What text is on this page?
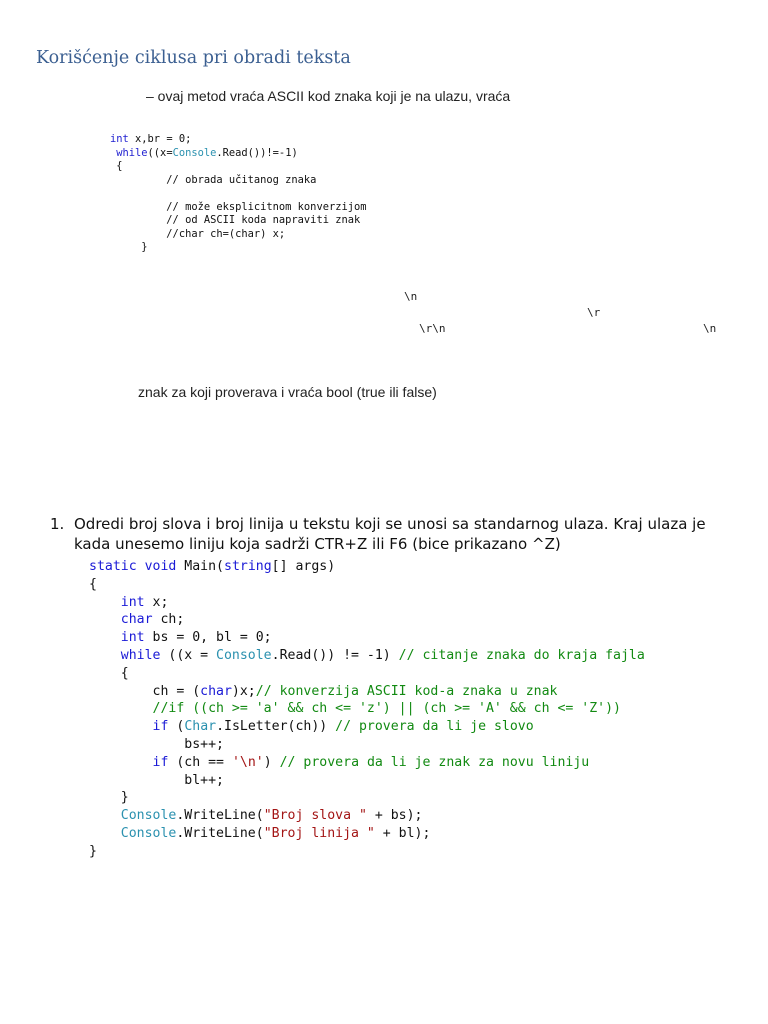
Korišćenje ciklusa pri obradi teksta
– ovaj metod vraća ASCII kod znaka koji je na ulazu, vraća
int x,br = 0;
while((x=Console.Read())!=-1)
{
// obrada učitanog znaka

// može eksplicitnom konverzijom
// od ASCII koda napraviti znak
//char ch=(char) x;
}
\n
\r
\r\n	\n
znak za koji proverava i vraća bool (true ili false)
1. Odredi broj slova i broj linija u tekstu koji se unosi sa standarnog ulaza. Kraj ulaza je kada unesemo liniju koja sadrži CTR+Z ili F6 (bice prikazano ^Z)
static void Main(string[] args)
{
int x;
char ch;
int bs = 0, bl = 0;
while ((x = Console.Read()) != -1) // citanje znaka do kraja fajla
{
ch = (char)x;// konverzija ASCII kod-a znaka u znak
//if ((ch >= 'a' && ch <= 'z') || (ch >= 'A' && ch <= 'Z'))
if (Char.IsLetter(ch)) // provera da li je slovo
bs++;
if (ch == '\n') // provera da li je znak za novu liniju
bl++;
}
Console.WriteLine("Broj slova " + bs);
Console.WriteLine("Broj linija " + bl);
}
